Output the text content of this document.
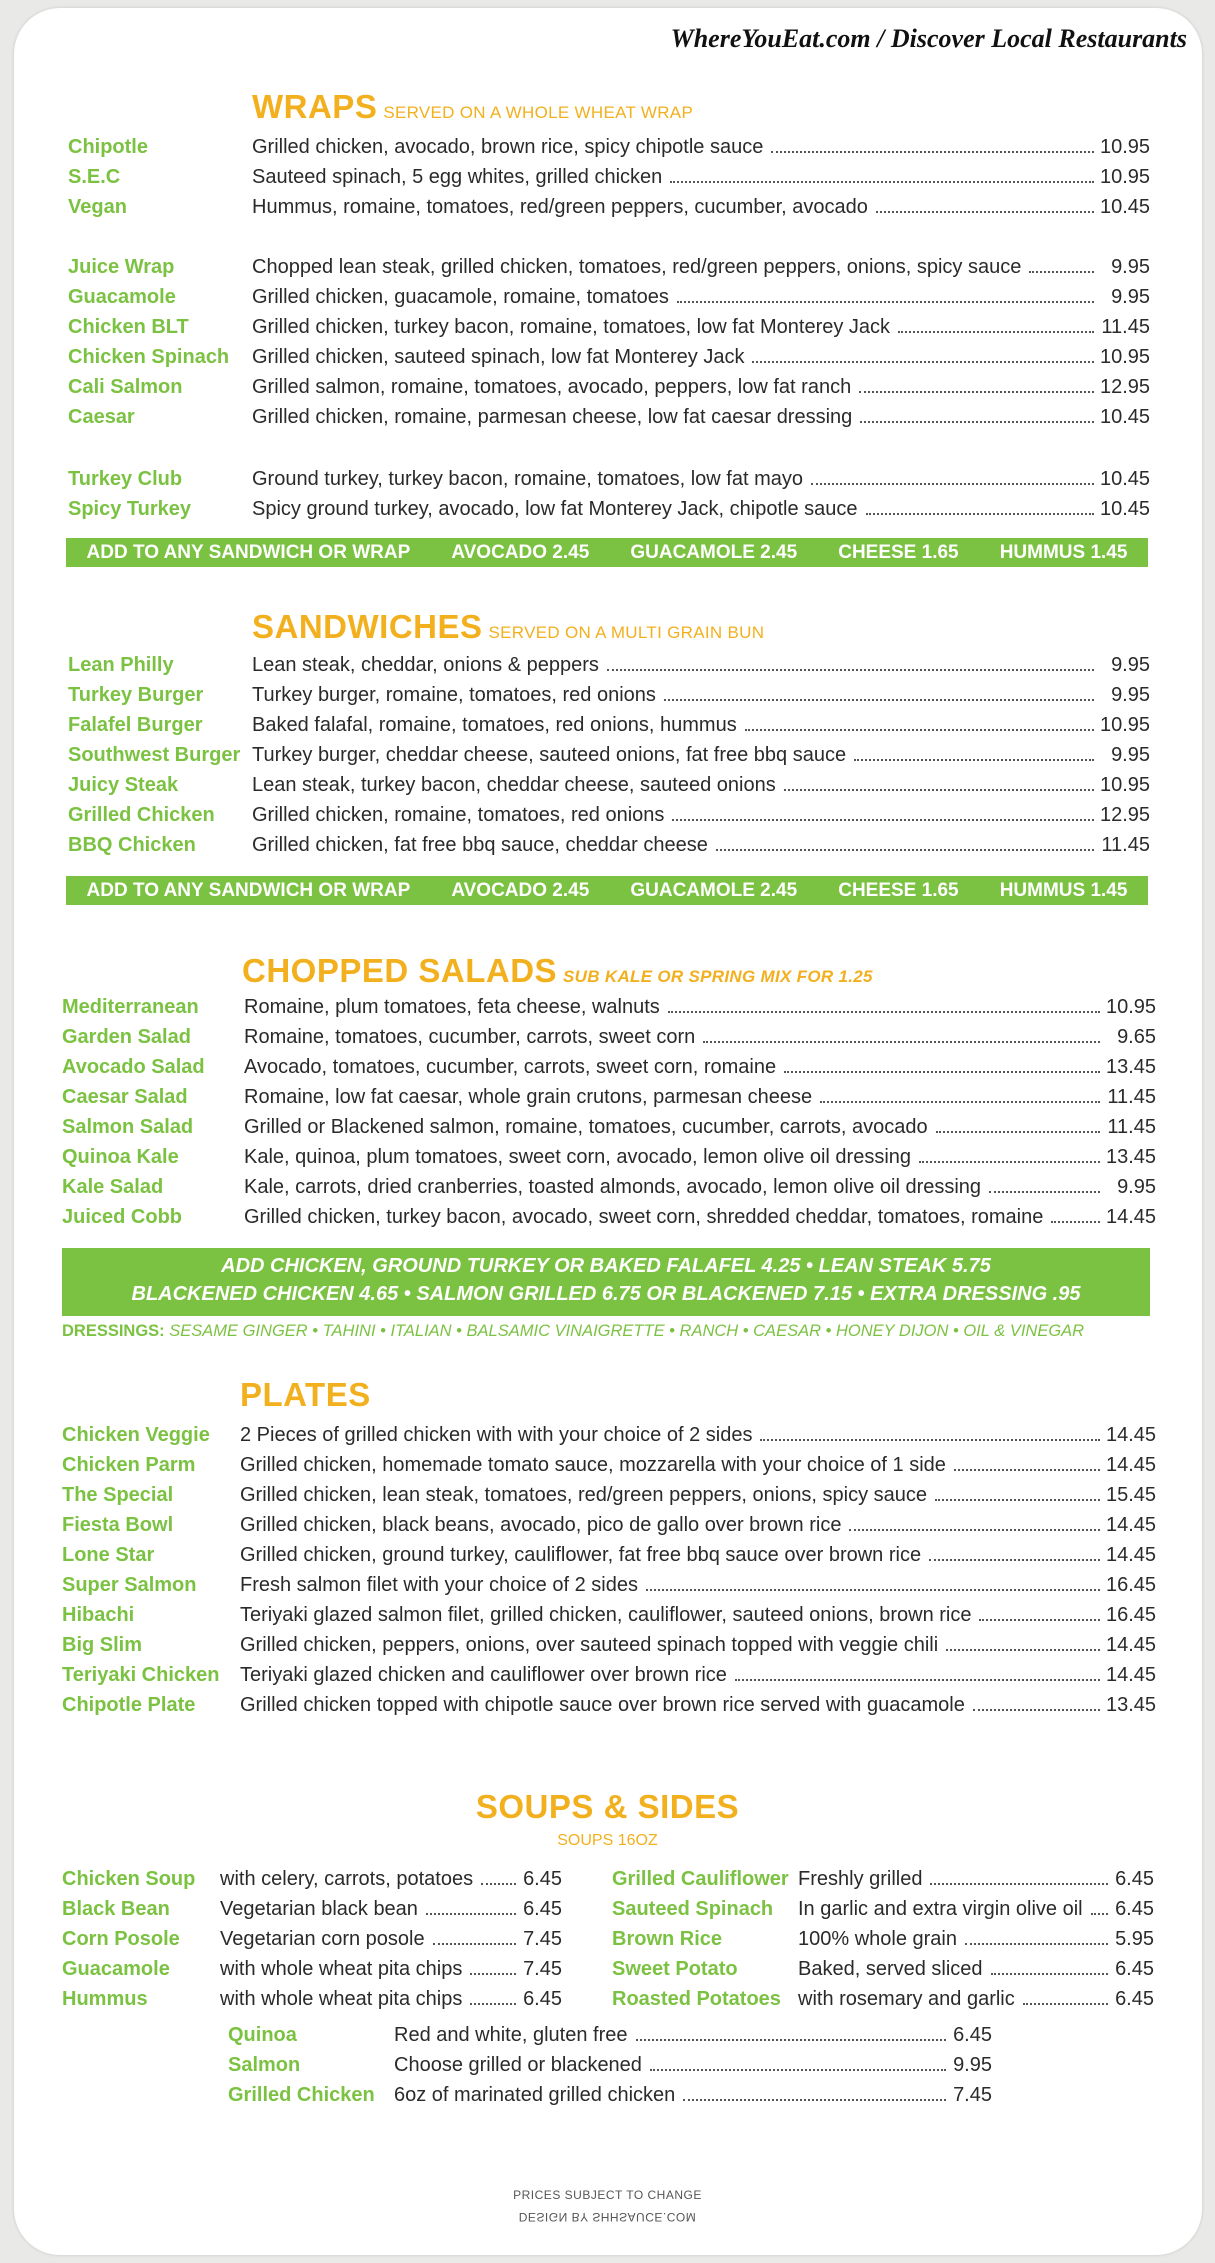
WhereYouEat.com / Discover Local Restaurants
WRAPS SERVED ON A WHOLE WHEAT WRAP
Chipotle	Grilled chicken, avocado, brown rice, spicy chipotle sauce	10.95
S.E.C	Sauteed spinach, 5 egg whites, grilled chicken	10.95
Vegan	Hummus, romaine, tomatoes, red/green peppers, cucumber, avocado	10.45
Juice Wrap	Chopped lean steak, grilled chicken, tomatoes, red/green peppers, onions, spicy sauce	9.95
Guacamole	Grilled chicken, guacamole, romaine, tomatoes	9.95
Chicken BLT	Grilled chicken, turkey bacon, romaine, tomatoes, low fat Monterey Jack	11.45
Chicken Spinach	Grilled chicken, sauteed spinach, low fat Monterey Jack	10.95
Cali Salmon	Grilled salmon, romaine, tomatoes, avocado, peppers, low fat ranch	12.95
Caesar	Grilled chicken, romaine, parmesan cheese, low fat caesar dressing	10.45
Turkey Club	Ground turkey, turkey bacon, romaine, tomatoes, low fat mayo	10.45
Spicy Turkey	Spicy ground turkey, avocado, low fat Monterey Jack, chipotle sauce	10.45
ADD TO ANY SANDWICH OR WRAP AVOCADO 2.45 GUACAMOLE 2.45 CHEESE 1.65 HUMMUS 1.45
SANDWICHES SERVED ON A MULTI GRAIN BUN
Lean Philly	Lean steak, cheddar, onions & peppers	9.95
Turkey Burger	Turkey burger, romaine, tomatoes, red onions	9.95
Falafel Burger	Baked falafal, romaine, tomatoes, red onions, hummus	10.95
Southwest Burger Turkey burger, cheddar cheese, sauteed onions, fat free bbq sauce	9.95
Juicy Steak	Lean steak, turkey bacon, cheddar cheese, sauteed onions	10.95
Grilled Chicken	Grilled chicken, romaine, tomatoes, red onions	12.95
BBQ Chicken	Grilled chicken, fat free bbq sauce, cheddar cheese	11.45
ADD TO ANY SANDWICH OR WRAP AVOCADO 2.45 GUACAMOLE 2.45 CHEESE 1.65 HUMMUS 1.45
CHOPPED SALADS SUB KALE OR SPRING MIX FOR 1.25
Mediterranean	Romaine, plum tomatoes, feta cheese, walnuts	10.95
Garden Salad	Romaine, tomatoes, cucumber, carrots, sweet corn	9.65
Avocado Salad	Avocado, tomatoes, cucumber, carrots, sweet corn, romaine	13.45
Caesar Salad	Romaine, low fat caesar, whole grain crutons, parmesan cheese	11.45
Salmon Salad	Grilled or Blackened salmon, romaine, tomatoes, cucumber, carrots, avocado	11.45
Quinoa Kale	Kale, quinoa, plum tomatoes, sweet corn, avocado, lemon olive oil dressing	13.45
Kale Salad	Kale, carrots, dried cranberries, toasted almonds, avocado, lemon olive oil dressing	9.95
Juiced Cobb	Grilled chicken, turkey bacon, avocado, sweet corn, shredded cheddar, tomatoes, romaine	14.45
ADD CHICKEN, GROUND TURKEY OR BAKED FALAFEL 4.25 • LEAN STEAK 5.75
BLACKENED CHICKEN 4.65 • SALMON GRILLED 6.75 OR BLACKENED 7.15 • EXTRA DRESSING .95
DRESSINGS: SESAME GINGER • TAHINI • ITALIAN • BALSAMIC VINAIGRETTE • RANCH • CAESAR • HONEY DIJON • OIL & VINEGAR
PLATES
Chicken Veggie	2 Pieces of grilled chicken with with your choice of 2 sides	14.45
Chicken Parm	Grilled chicken, homemade tomato sauce, mozzarella with your choice of 1 side	14.45
The Special	Grilled chicken, lean steak, tomatoes, red/green peppers, onions, spicy sauce	15.45
Fiesta Bowl	Grilled chicken, black beans, avocado, pico de gallo over brown rice	14.45
Lone Star	Grilled chicken, ground turkey, cauliflower, fat free bbq sauce over brown rice	14.45
Super Salmon	Fresh salmon filet with your choice of 2 sides	16.45
Hibachi	Teriyaki glazed salmon filet, grilled chicken, cauliflower, sauteed onions, brown rice	16.45
Big Slim	Grilled chicken, peppers, onions, over sauteed spinach topped with veggie chili	14.45
Teriyaki Chicken	Teriyaki glazed chicken and cauliflower over brown rice	14.45
Chipotle Plate	Grilled chicken topped with chipotle sauce over brown rice served with guacamole	13.45
SOUPS & SIDES
SOUPS 16OZ
Chicken Soup	with celery, carrots, potatoes 6.45
Black Bean	Vegetarian black bean	6.45
Corn Posole	Vegetarian corn posole	7.45
Guacamole	with whole wheat pita chips	7.45
Hummus	with whole wheat pita chips	6.45
Grilled Cauliflower Freshly grilled	6.45
Sauteed Spinach	In garlic and extra virgin olive oil 6.45
Brown Rice	100% whole grain	5.95
Sweet Potato	Baked, served sliced	6.45
Roasted Potatoes with rosemary and garlic	6.45
Quinoa	Red and white, gluten free	6.45
Salmon	Choose grilled or blackened	9.95
Grilled Chicken 6oz of marinated grilled chicken	7.45
PRICES SUBJECT TO CHANGE
DESIGN BY SHHSAUCE.COM
